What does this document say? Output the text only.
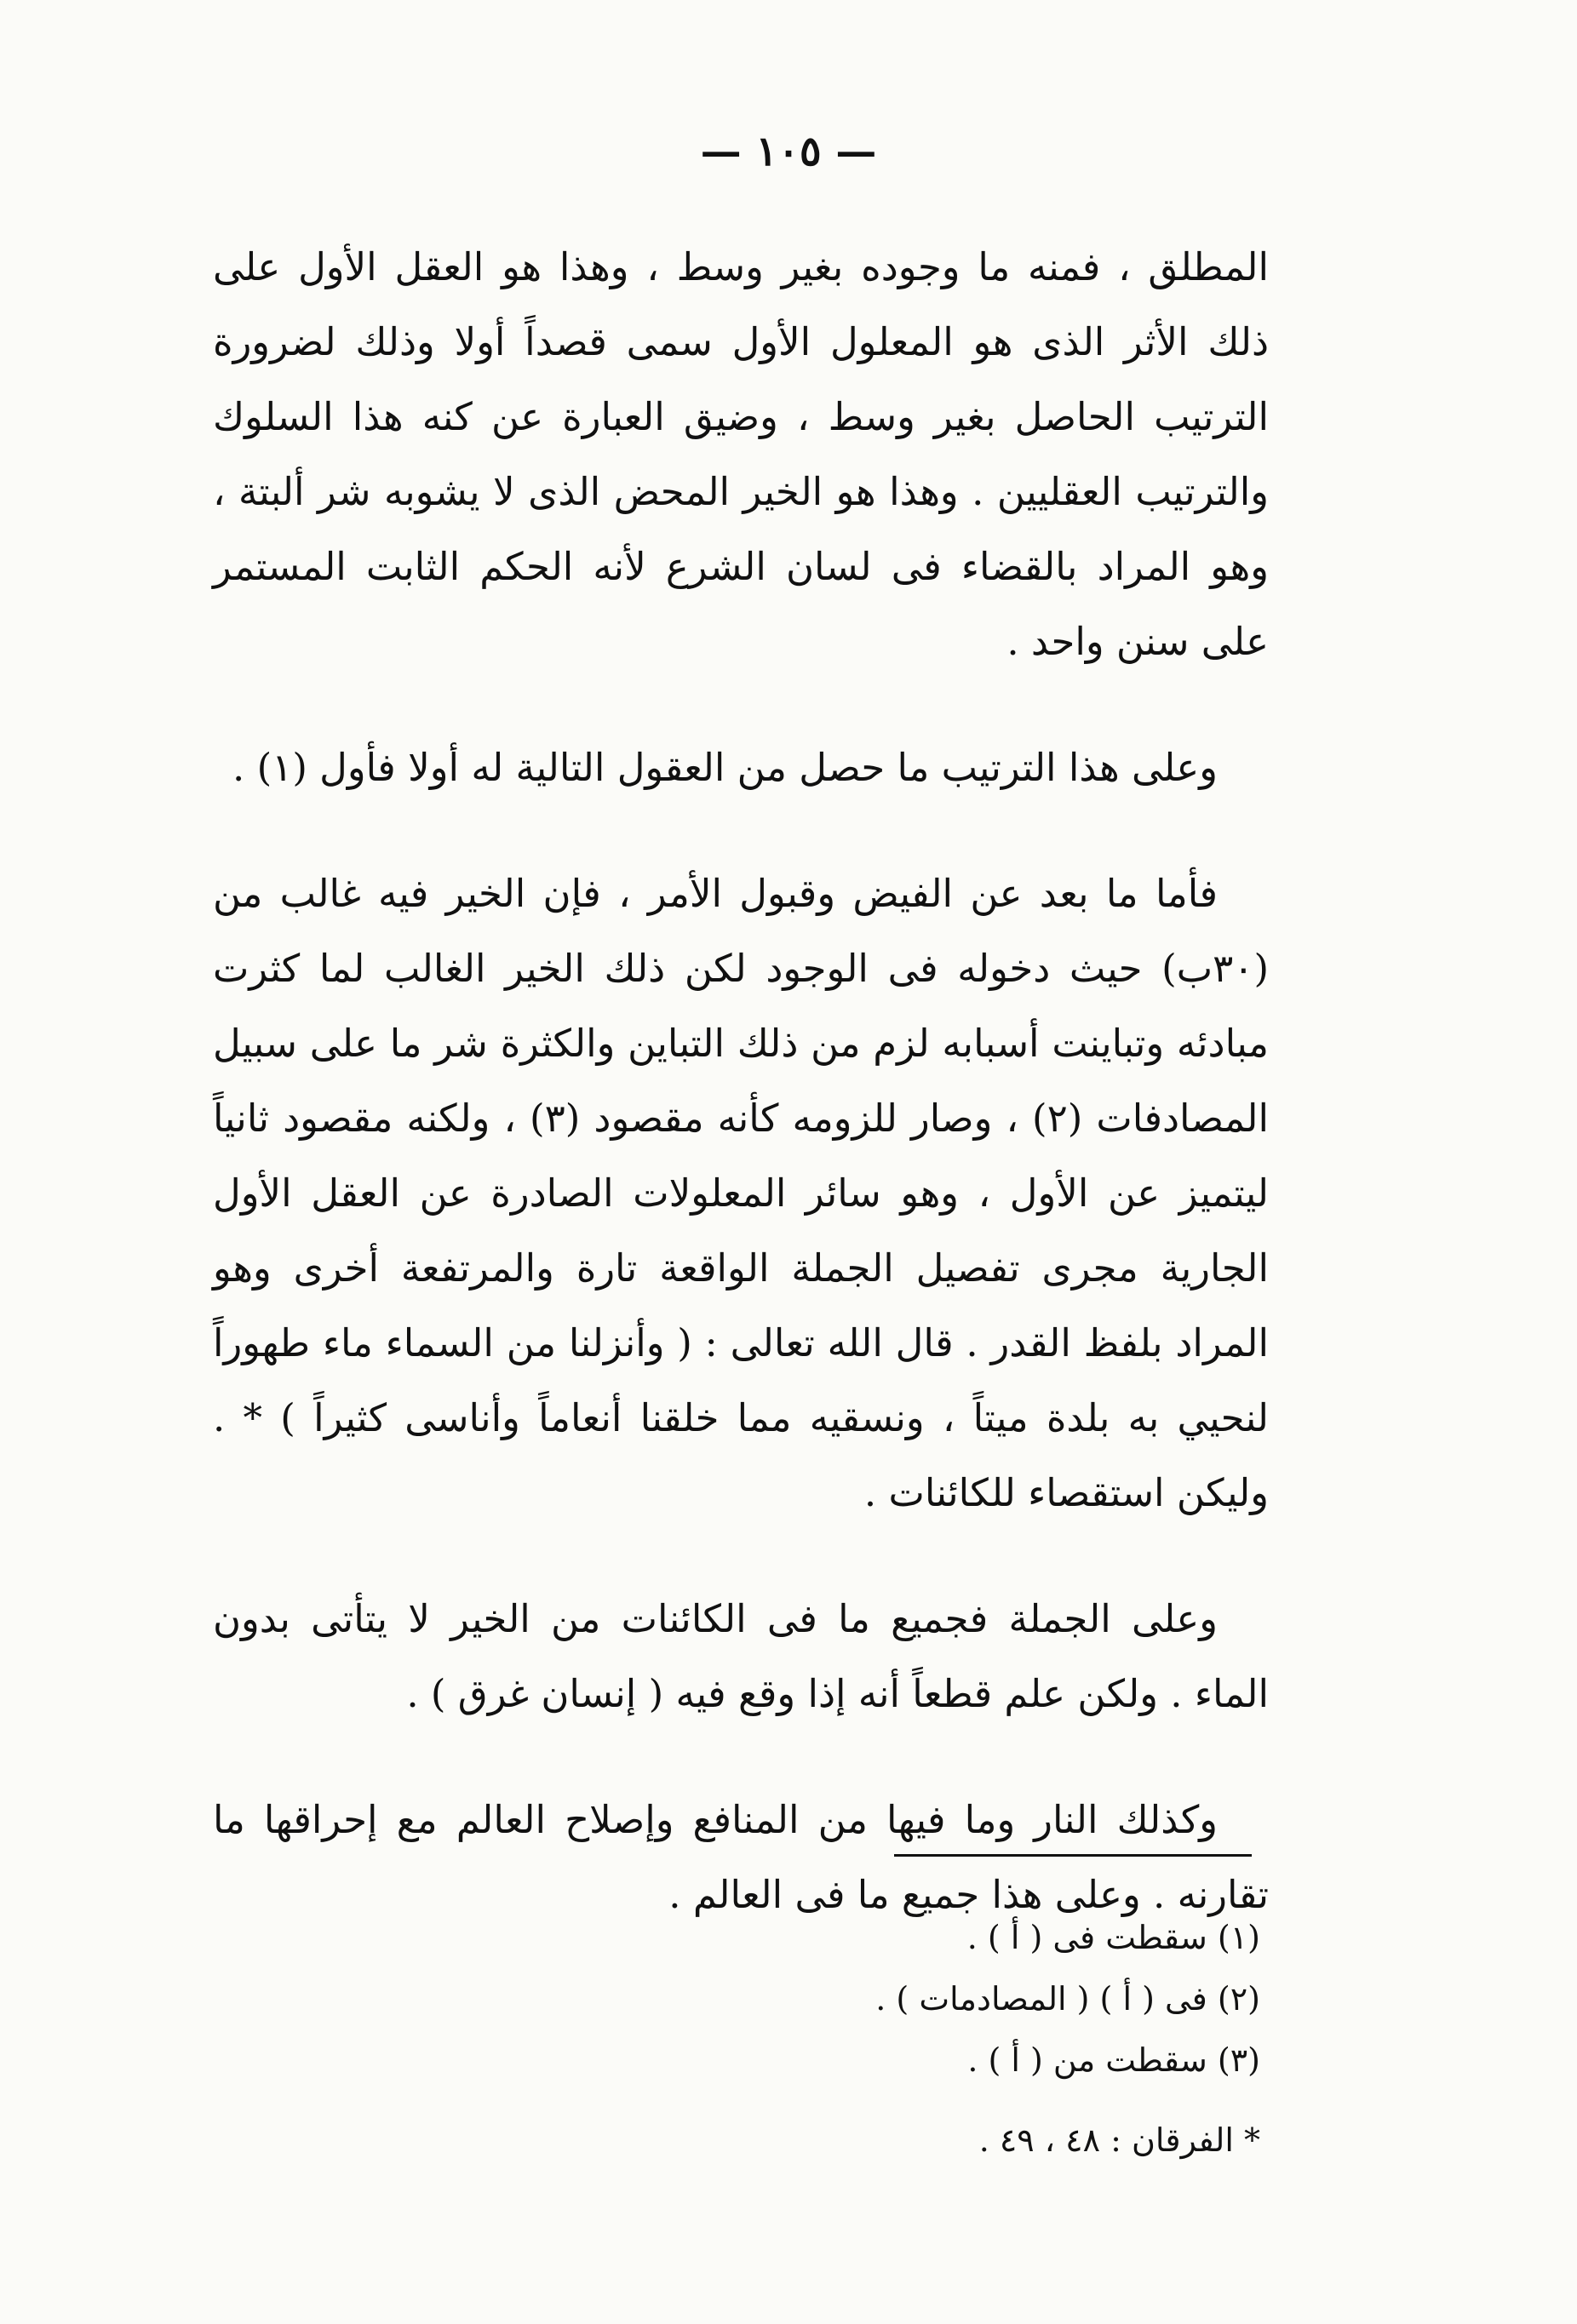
— ١٠٥ —

المطلق ، فمنه ما وجوده بغير وسط ، وهذا هو العقل الأول على ذلك الأثر الذى هو المعلول الأول سمى قصداً أولا وذلك لضرورة الترتيب الحاصل بغير وسط ، وضيق العبارة عن كنه هذا السلوك والترتيب العقليين . وهذا هو الخير المحض الذى لا يشوبه شر ألبتة ، وهو المراد بالقضاء فى لسان الشرع لأنه الحكم الثابت المستمر على سنن واحد .

وعلى هذا الترتيب ما حصل من العقول التالية له أولا فأول (١) .

فأما ما بعد عن الفيض وقبول الأمر ، فإن الخير فيه غالب من (٣٠ب) حيث دخوله فى الوجود لكن ذلك الخير الغالب لما كثرت مبادئه وتباينت أسبابه لزم من ذلك التباين والكثرة شر ما على سبيل المصادفات (٢) ، وصار للزومه كأنه مقصود (٣) ، ولكنه مقصود ثانياً ليتميز عن الأول ، وهو سائر المعلولات الصادرة عن العقل الأول الجارية مجرى تفصيل الجملة الواقعة تارة والمرتفعة أخرى وهو المراد بلفظ القدر . قال الله تعالى : ( وأنزلنا من السماء ماء طهوراً لنحيي به بلدة ميتاً ، ونسقيه مما خلقنا أنعاماً وأناسى كثيراً ) * . وليكن استقصاء للكائنات .

وعلى الجملة فجميع ما فى الكائنات من الخير لا يتأتى بدون الماء . ولكن علم قطعاً أنه إذا وقع فيه ( إنسان غرق ) .

وكذلك النار وما فيها من المنافع وإصلاح العالم مع إحراقها ما تقارنه . وعلى هذا جميع ما فى العالم .

(١) سقطت فى ( أ ) .

(٢) فى ( أ ) ( المصادمات ) .

(٣) سقطت من ( أ ) .

* الفرقان : ٤٨ ، ٤٩ .
